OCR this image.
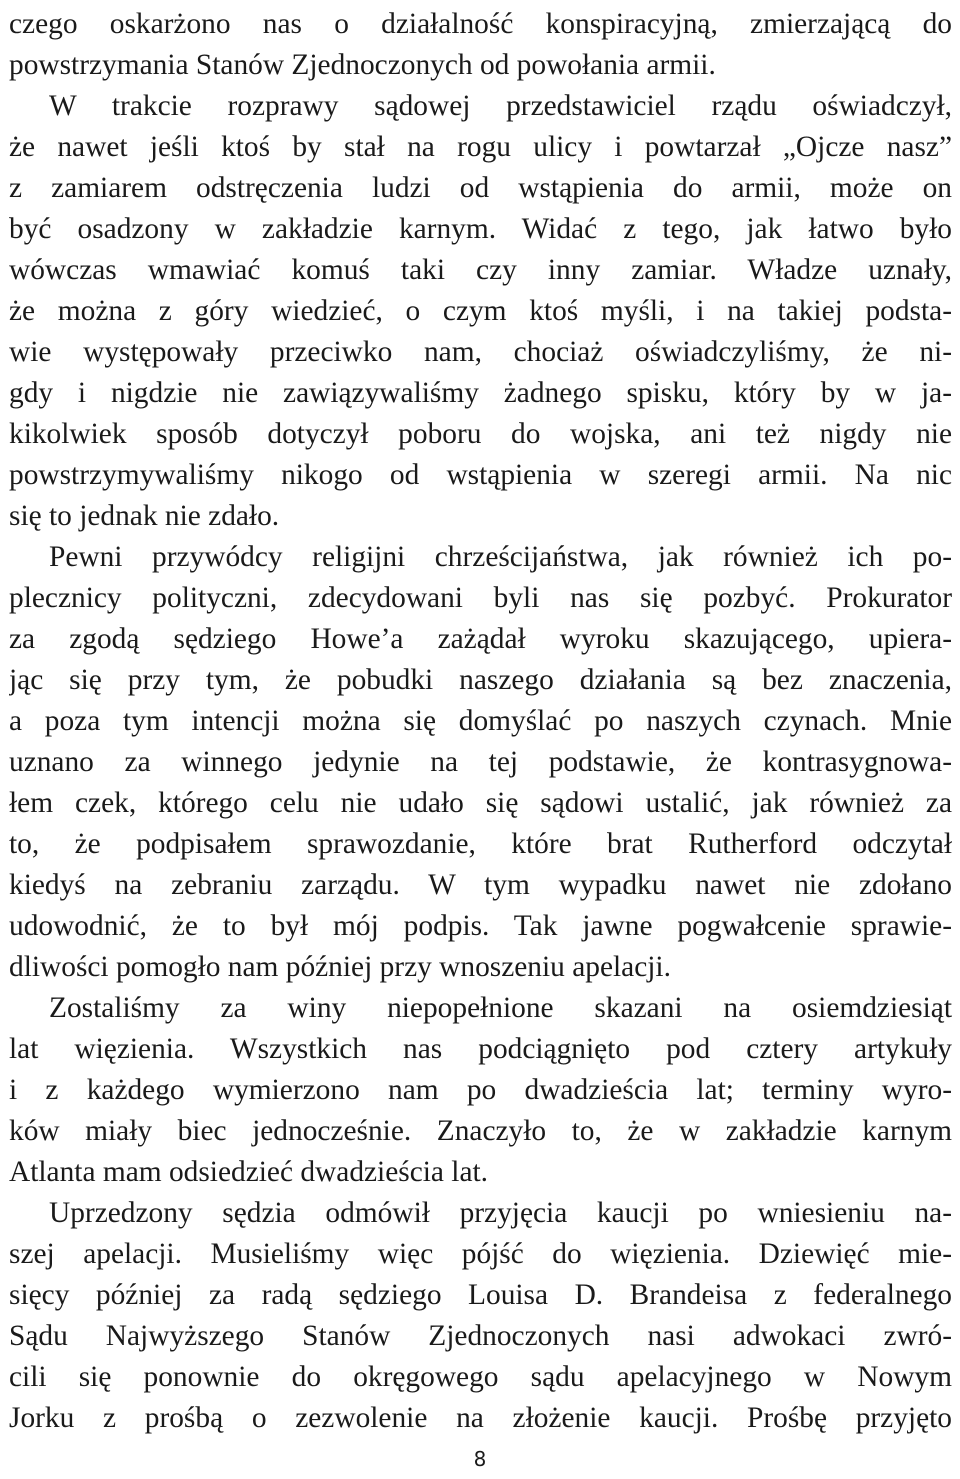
czego oskarżono nas o działalność konspiracyjną, zmierzającą do
powstrzymania Stanów Zjednoczonych od powołania armii.
W trakcie rozprawy sądowej przedstawiciel rządu oświadczył,
że nawet jeśli ktoś by stał na rogu ulicy i powtarzał „Ojcze nasz”
z zamiarem odstręczenia ludzi od wstąpienia do armii, może on
być osadzony w zakładzie karnym. Widać z tego, jak łatwo było
wówczas wmawiać komuś taki czy inny zamiar. Władze uznały,
że można z góry wiedzieć, o czym ktoś myśli, i na takiej podsta-
wie występowały przeciwko nam, chociaż oświadczyliśmy, że ni-
gdy i nigdzie nie zawiązywaliśmy żadnego spisku, który by w ja-
kikolwiek sposób dotyczył poboru do wojska, ani też nigdy nie
powstrzymywaliśmy nikogo od wstąpienia w szeregi armii. Na nic
się to jednak nie zdało.
Pewni przywódcy religijni chrześcijaństwa, jak również ich po-
plecznicy polityczni, zdecydowani byli nas się pozbyć. Prokurator
za zgodą sędziego Howe’a zażądał wyroku skazującego, upiera-
jąc się przy tym, że pobudki naszego działania są bez znaczenia,
a poza tym intencji można się domyślać po naszych czynach. Mnie
uznano za winnego jedynie na tej podstawie, że kontrasygnowa-
łem czek, którego celu nie udało się sądowi ustalić, jak również za
to, że podpisałem sprawozdanie, które brat Rutherford odczytał
kiedyś na zebraniu zarządu. W tym wypadku nawet nie zdołano
udowodnić, że to był mój podpis. Tak jawne pogwałcenie sprawie-
dliwości pomogło nam później przy wnoszeniu apelacji.
Zostaliśmy za winy niepopełnione skazani na osiemdziesiąt
lat więzienia. Wszystkich nas podciągnięto pod cztery artykuły
i z każdego wymierzono nam po dwadzieścia lat; terminy wyro-
ków miały biec jednocześnie. Znaczyło to, że w zakładzie karnym
Atlanta mam odsiedzieć dwadzieścia lat.
Uprzedzony sędzia odmówił przyjęcia kaucji po wniesieniu na-
szej apelacji. Musieliśmy więc pójść do więzienia. Dziewięć mie-
sięcy później za radą sędziego Louisa D. Brandeisa z federalnego
Sądu Najwyższego Stanów Zjednoczonych nasi adwokaci zwró-
cili się ponownie do okręgowego sądu apelacyjnego w Nowym
Jorku z prośbą o zezwolenie na złożenie kaucji. Prośbę przyjęto
8
